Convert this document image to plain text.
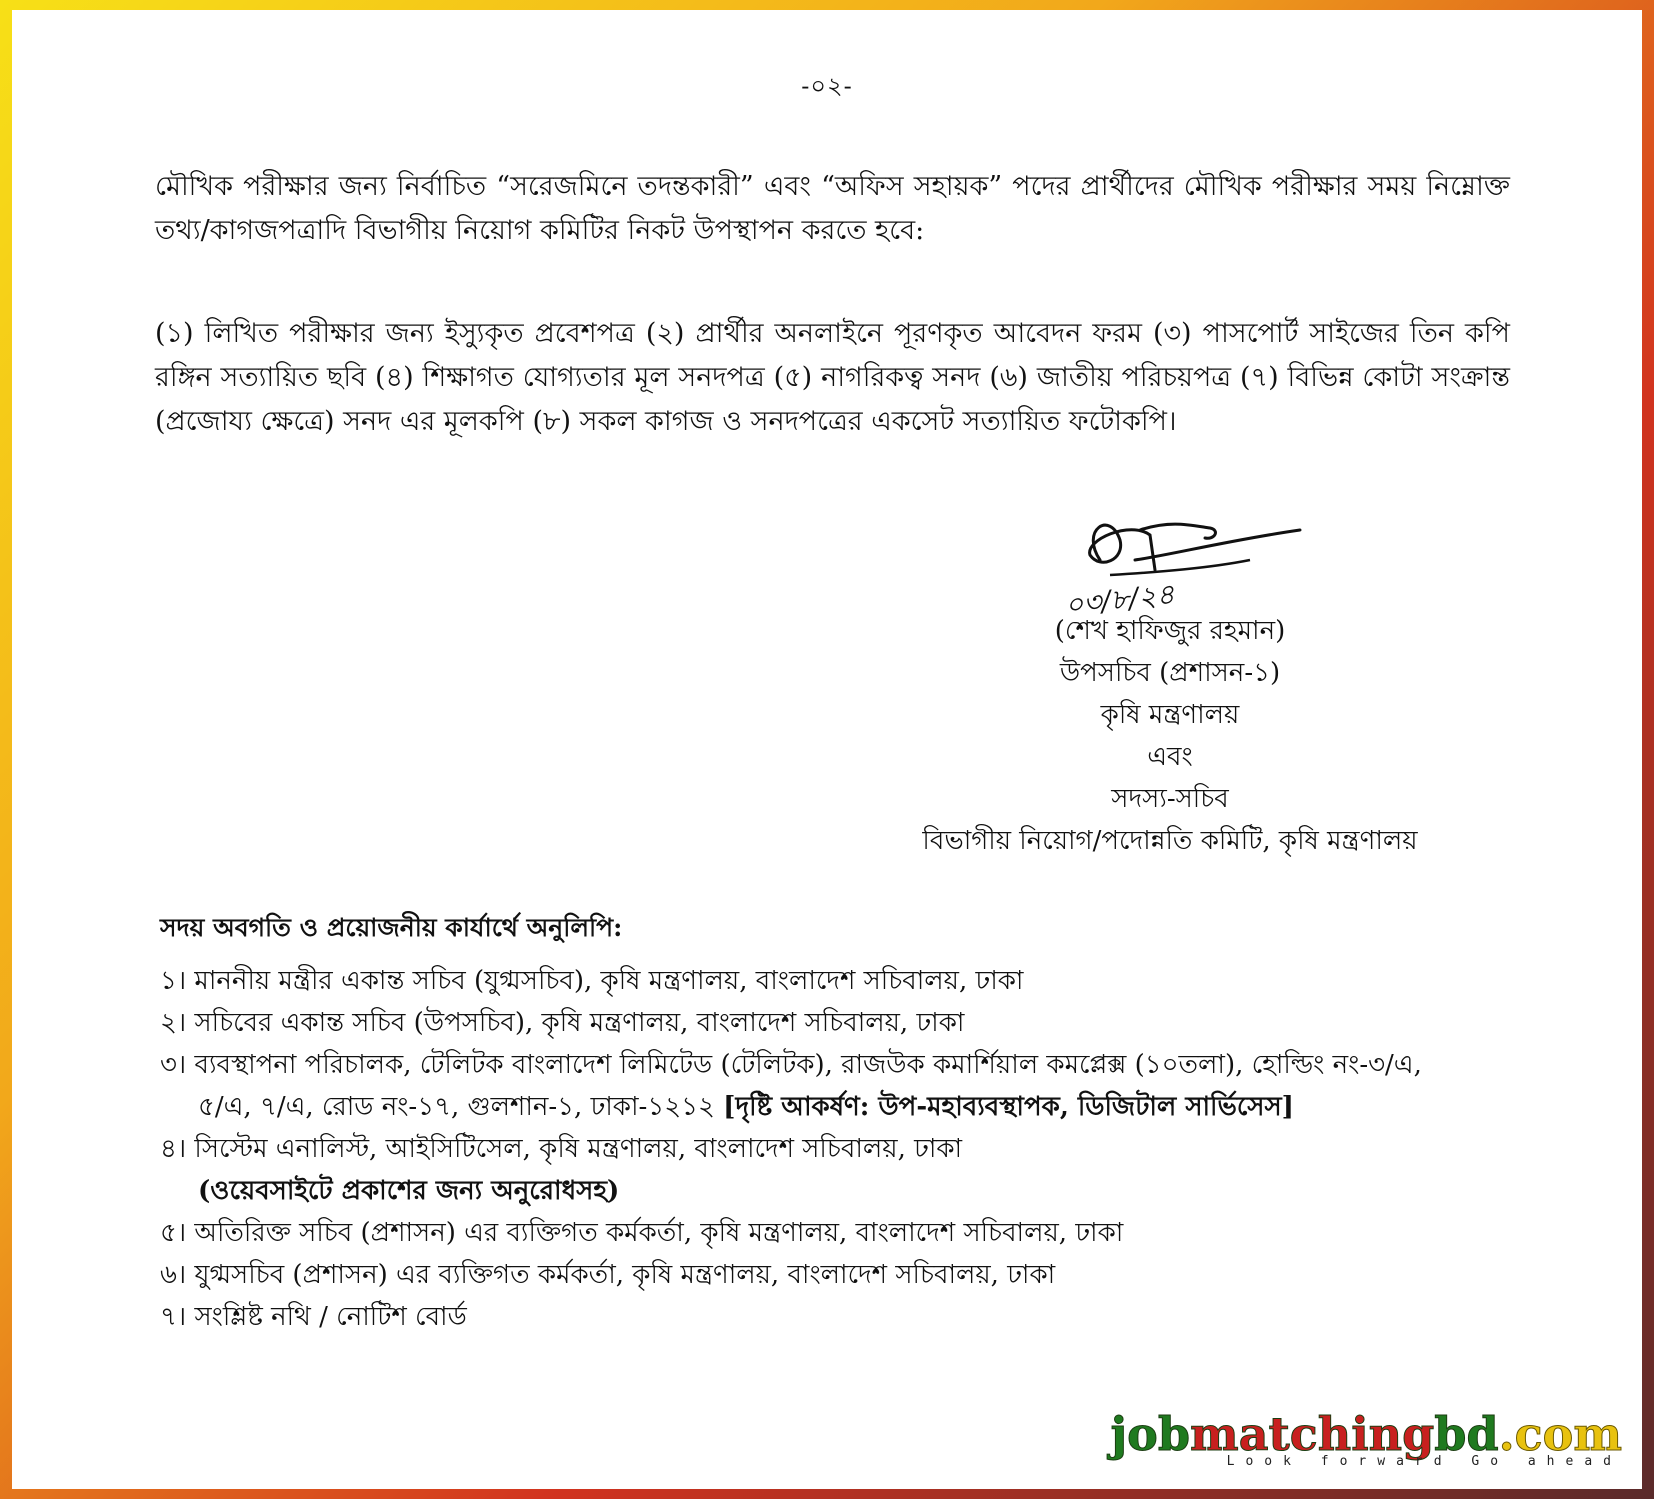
-০২-
মৌখিক পরীক্ষার জন্য নির্বাচিত “সরেজমিনে তদন্তকারী” এবং “অফিস সহায়ক” পদের প্রার্থীদের মৌখিক পরীক্ষার সময় নিম্নোক্ত তথ্য/কাগজপত্রাদি বিভাগীয় নিয়োগ কমিটির নিকট উপস্থাপন করতে হবে:
(১) লিখিত পরীক্ষার জন্য ইস্যুকৃত প্রবেশপত্র (২) প্রার্থীর অনলাইনে পূরণকৃত আবেদন ফরম (৩) পাসপোর্ট সাইজের তিন কপি রঙ্গিন সত্যায়িত ছবি (৪) শিক্ষাগত যোগ্যতার মূল সনদপত্র (৫) নাগরিকত্ব সনদ (৬) জাতীয় পরিচয়পত্র (৭) বিভিন্ন কোটা সংক্রান্ত (প্রজোয্য ক্ষেত্রে) সনদ এর মূলকপি (৮) সকল কাগজ ও সনদপত্রের একসেট সত্যায়িত ফটোকপি।
০৩/৮/২৪
(শেখ হাফিজুর রহমান)
উপসচিব (প্রশাসন-১)
কৃষি মন্ত্রণালয়
এবং
সদস্য-সচিব
বিভাগীয় নিয়োগ/পদোন্নতি কমিটি, কৃষি মন্ত্রণালয়
সদয় অবগতি ও প্রয়োজনীয় কার্যার্থে অনুলিপি:
১। মাননীয় মন্ত্রীর একান্ত সচিব (যুগ্মসচিব), কৃষি মন্ত্রণালয়, বাংলাদেশ সচিবালয়, ঢাকা
২। সচিবের একান্ত সচিব (উপসচিব), কৃষি মন্ত্রণালয়, বাংলাদেশ সচিবালয়, ঢাকা
৩। ব্যবস্থাপনা পরিচালক, টেলিটক বাংলাদেশ লিমিটেড (টেলিটক), রাজউক কমার্শিয়াল কমপ্লেক্স (১০তলা), হোল্ডিং নং-৩/এ,
৫/এ, ৭/এ, রোড নং-১৭, গুলশান-১, ঢাকা-১২১২ [দৃষ্টি আকর্ষণ: উপ-মহাব্যবস্থাপক, ডিজিটাল সার্ভিসেস]
৪। সিস্টেম এনালিস্ট, আইসিটিসেল, কৃষি মন্ত্রণালয়, বাংলাদেশ সচিবালয়, ঢাকা
(ওয়েবসাইটে প্রকাশের জন্য অনুরোধসহ)
৫। অতিরিক্ত সচিব (প্রশাসন) এর ব্যক্তিগত কর্মকর্তা, কৃষি মন্ত্রণালয়, বাংলাদেশ সচিবালয়, ঢাকা
৬। যুগ্মসচিব (প্রশাসন) এর ব্যক্তিগত কর্মকর্তা, কৃষি মন্ত্রণালয়, বাংলাদেশ সচিবালয়, ঢাকা
৭। সংশ্লিষ্ট নথি / নোটিশ বোর্ড
jobmatchingbd.com
Look forward Go ahead
